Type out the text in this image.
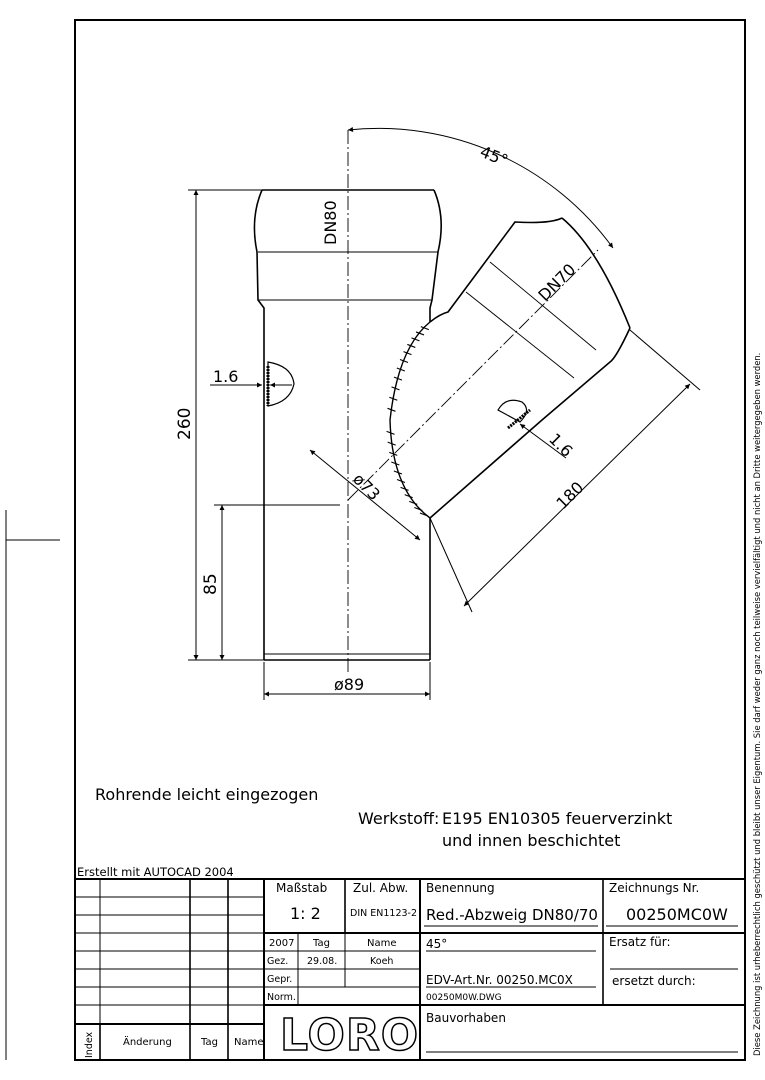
45°
DN80
DN70
260
85
1.6
1.6
ø73	180
ø89
Rohrende leicht eingezogen
Werkstoff: E195 EN10305 feuerverzinkt
und innen beschichtet	Diese Zeichnung ist urheberrechtlich geschützt und bleibt unser Eigentum. Sie darf weder ganz noch teilweise vervielfältigt und nicht an Dritte weitergegeben werden.
Erstellt mit AUTOCAD 2004
Maßstab
1: 2
Zul. Abw.
DIN EN1123-2
Benennung
Red.-Abzweig DN80/70
Zeichnungs Nr.
00250MC0W
2007 Tag	Name
Gez. 29.08.	Koeh
Gepr.
Norm.
45°	Ersatz für:
EDV-Art.Nr. 00250.MC0X
00250M0W.DWG
ersetzt durch:
Bauvorhaben
Index	Änderung	Tag Name LORO
